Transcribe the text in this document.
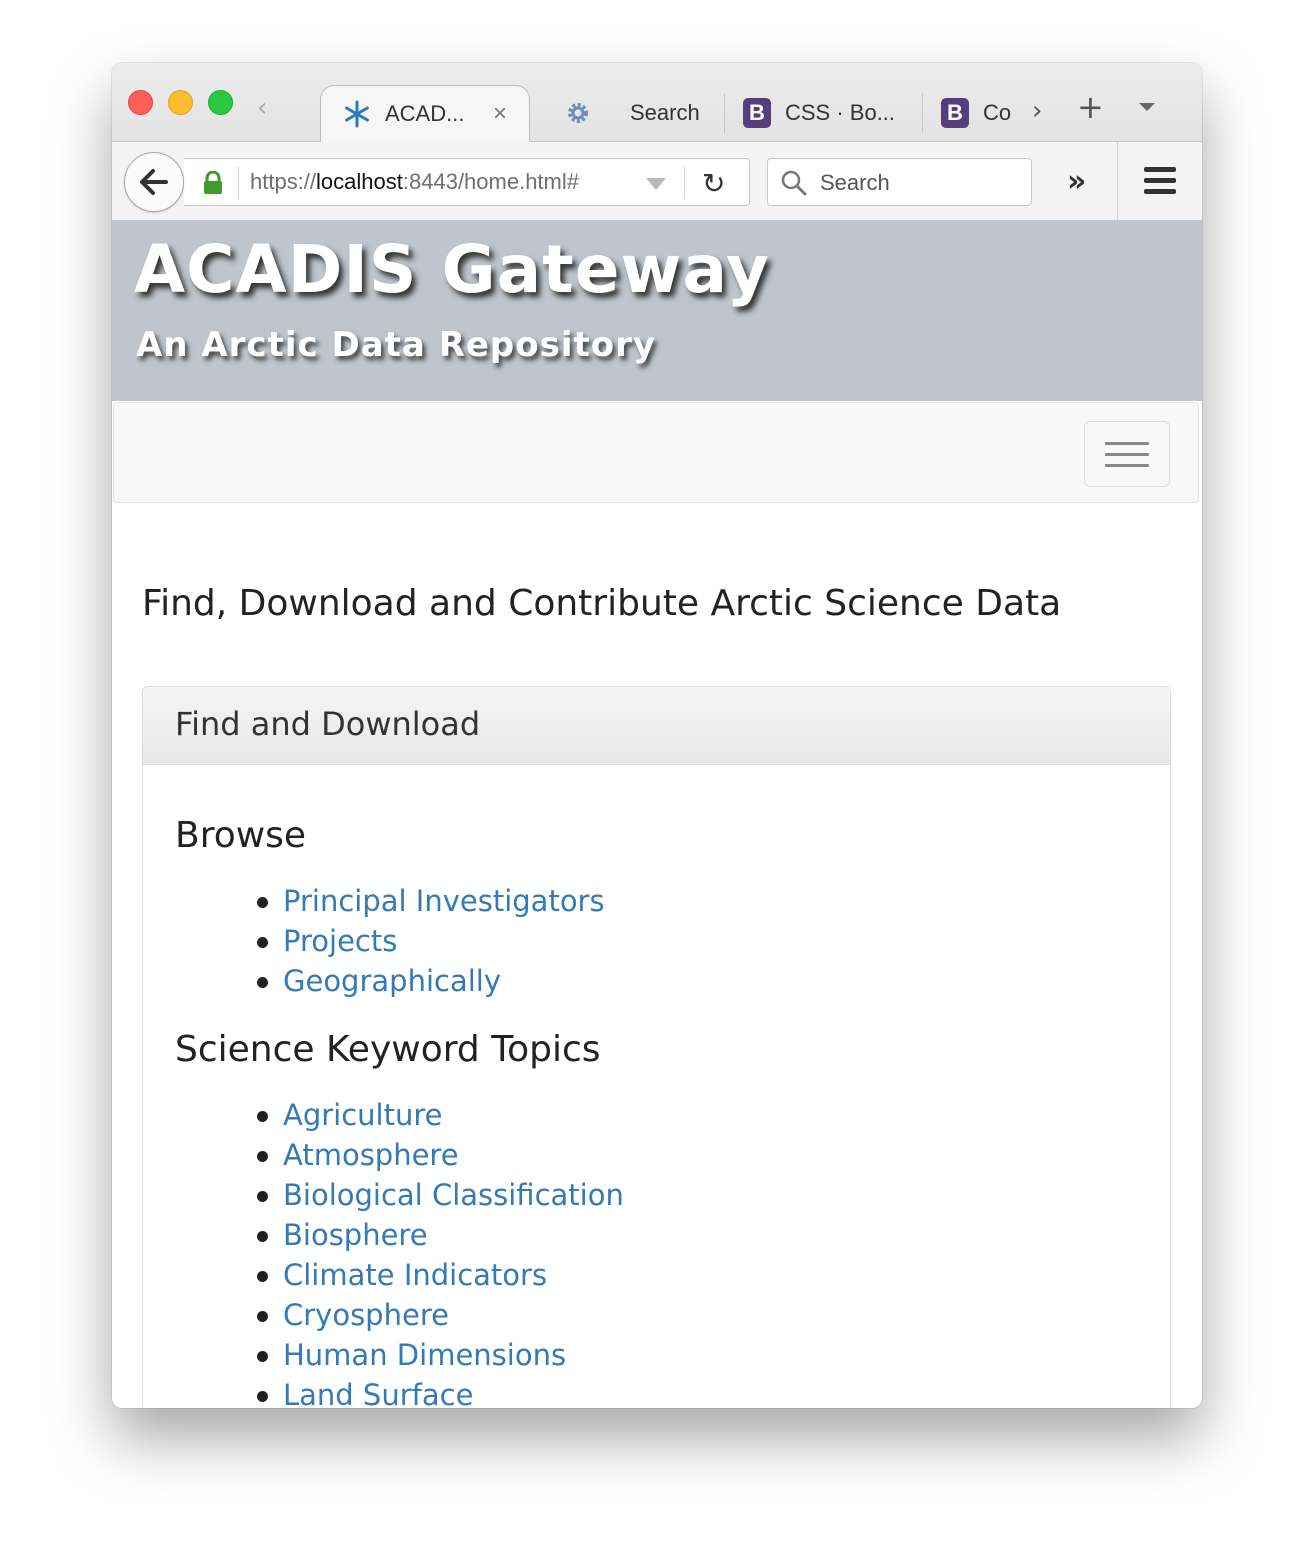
‹	ACAD... ×	Search B CSS · Bo... B Co › +
https://localhost:8443/home.html#	↻	Search	»
ACADIS Gateway
An Arctic Data Repository
Find, Download and Contribute Arctic Science Data
Find and Download
Browse
Principal Investigators
Projects
Geographically
Science Keyword Topics
Agriculture
Atmosphere
Biological Classification
Biosphere
Climate Indicators
Cryosphere
Human Dimensions
Land Surface
